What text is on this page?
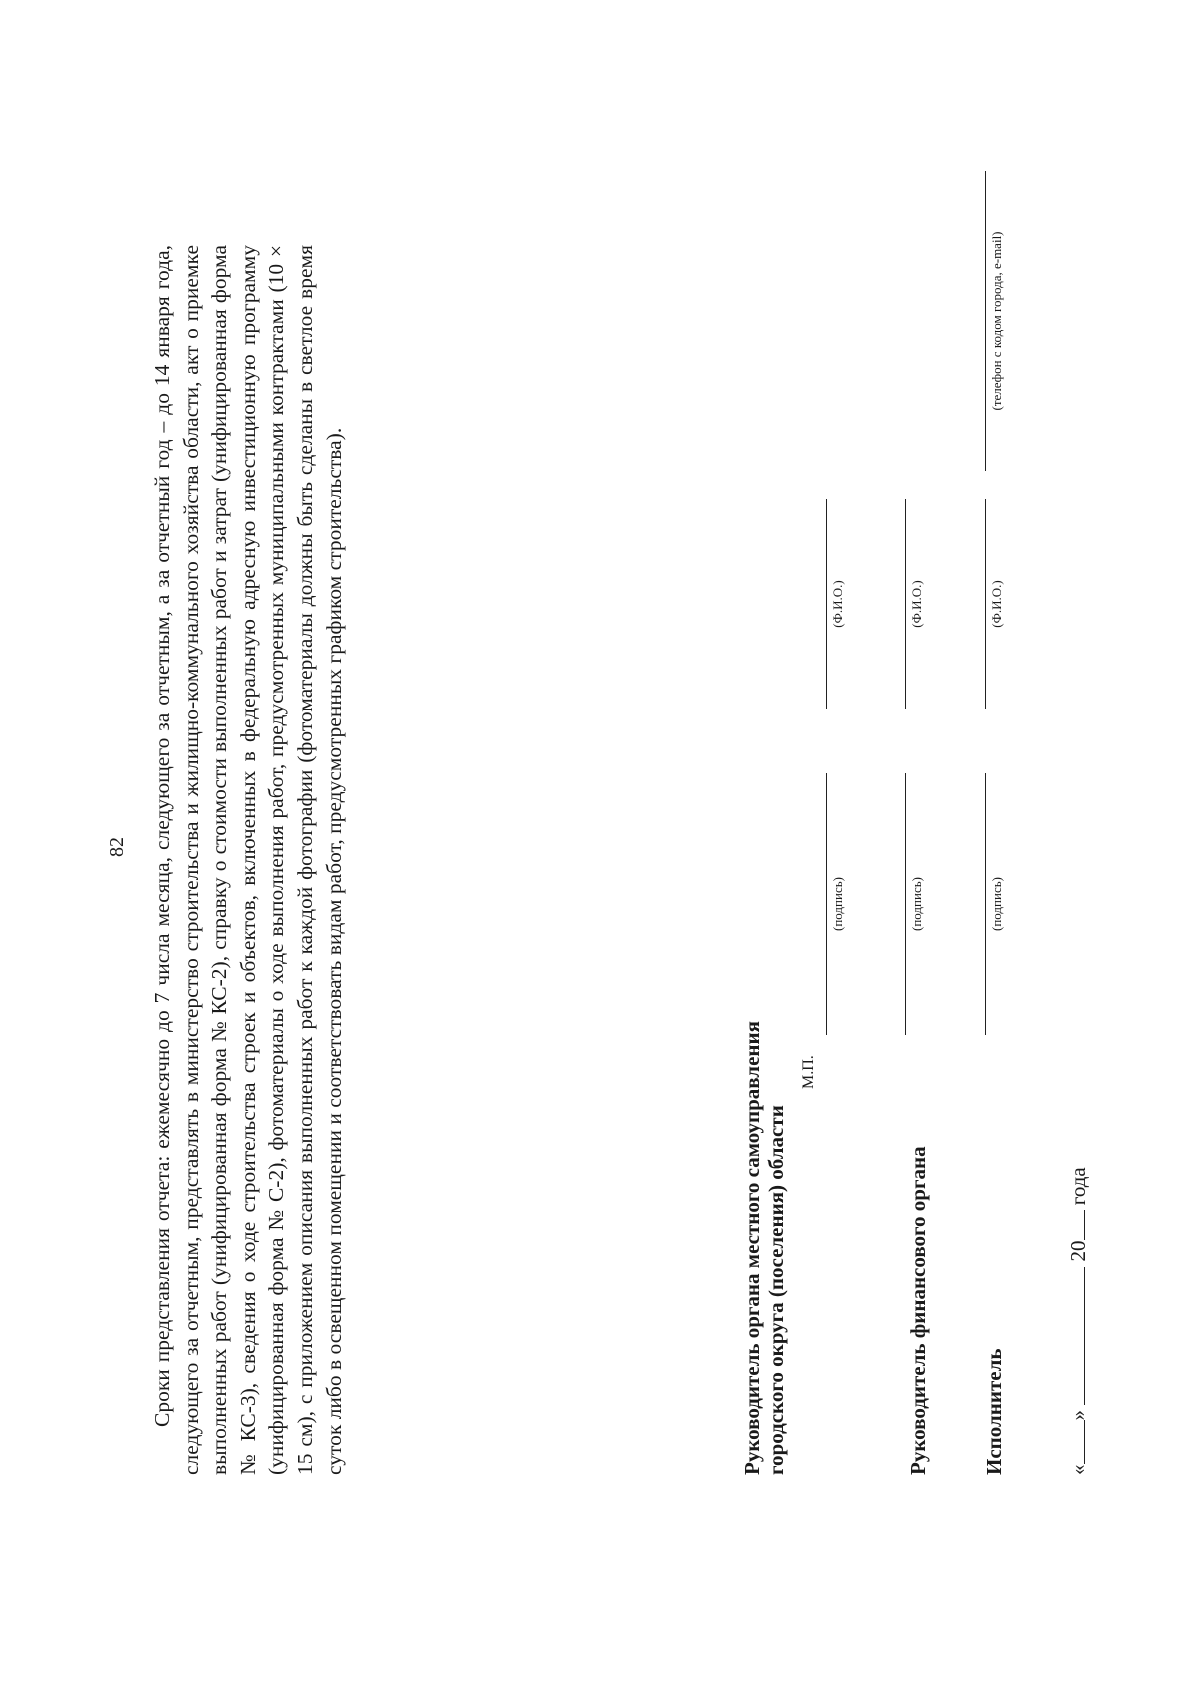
82 Сроки представления отчета: ежемесячно до 7 числа месяца, следующего за отчетным, а за отчетный год – до 14 января года, следующего за отчетным, представлять в министерство строительства и жилищно-коммунального хозяйства области, акт о приемке выполненных работ (унифицированная форма № КС-2), справку о стоимости выполненных работ и затрат (унифицированная форма № КС-3), сведения о ходе строительства строек и объектов, включенных в федеральную адресную инвестиционную программу (унифицированная форма № С-2), фотоматериалы о ходе выполнения работ, предусмотренных муниципальными контрактами (10 × 15 см), с приложением описания выполненных работ к каждой фотографии (фотоматериалы должны быть сделаны в светлое время суток либо в освещенном помещении и соответствовать видам работ, предусмотренных графиком строительства).	Руководитель органа местного самоуправления городского округа (поселения) области

М.П.
(подпись)
(Ф.И.О.)

Руководитель финансового органа

(подпись)
(Ф.И.О.)

Исполнитель

(подпись)
(Ф.И.О.)
(телефон с кодом города, e-mail)
«»  20 года
